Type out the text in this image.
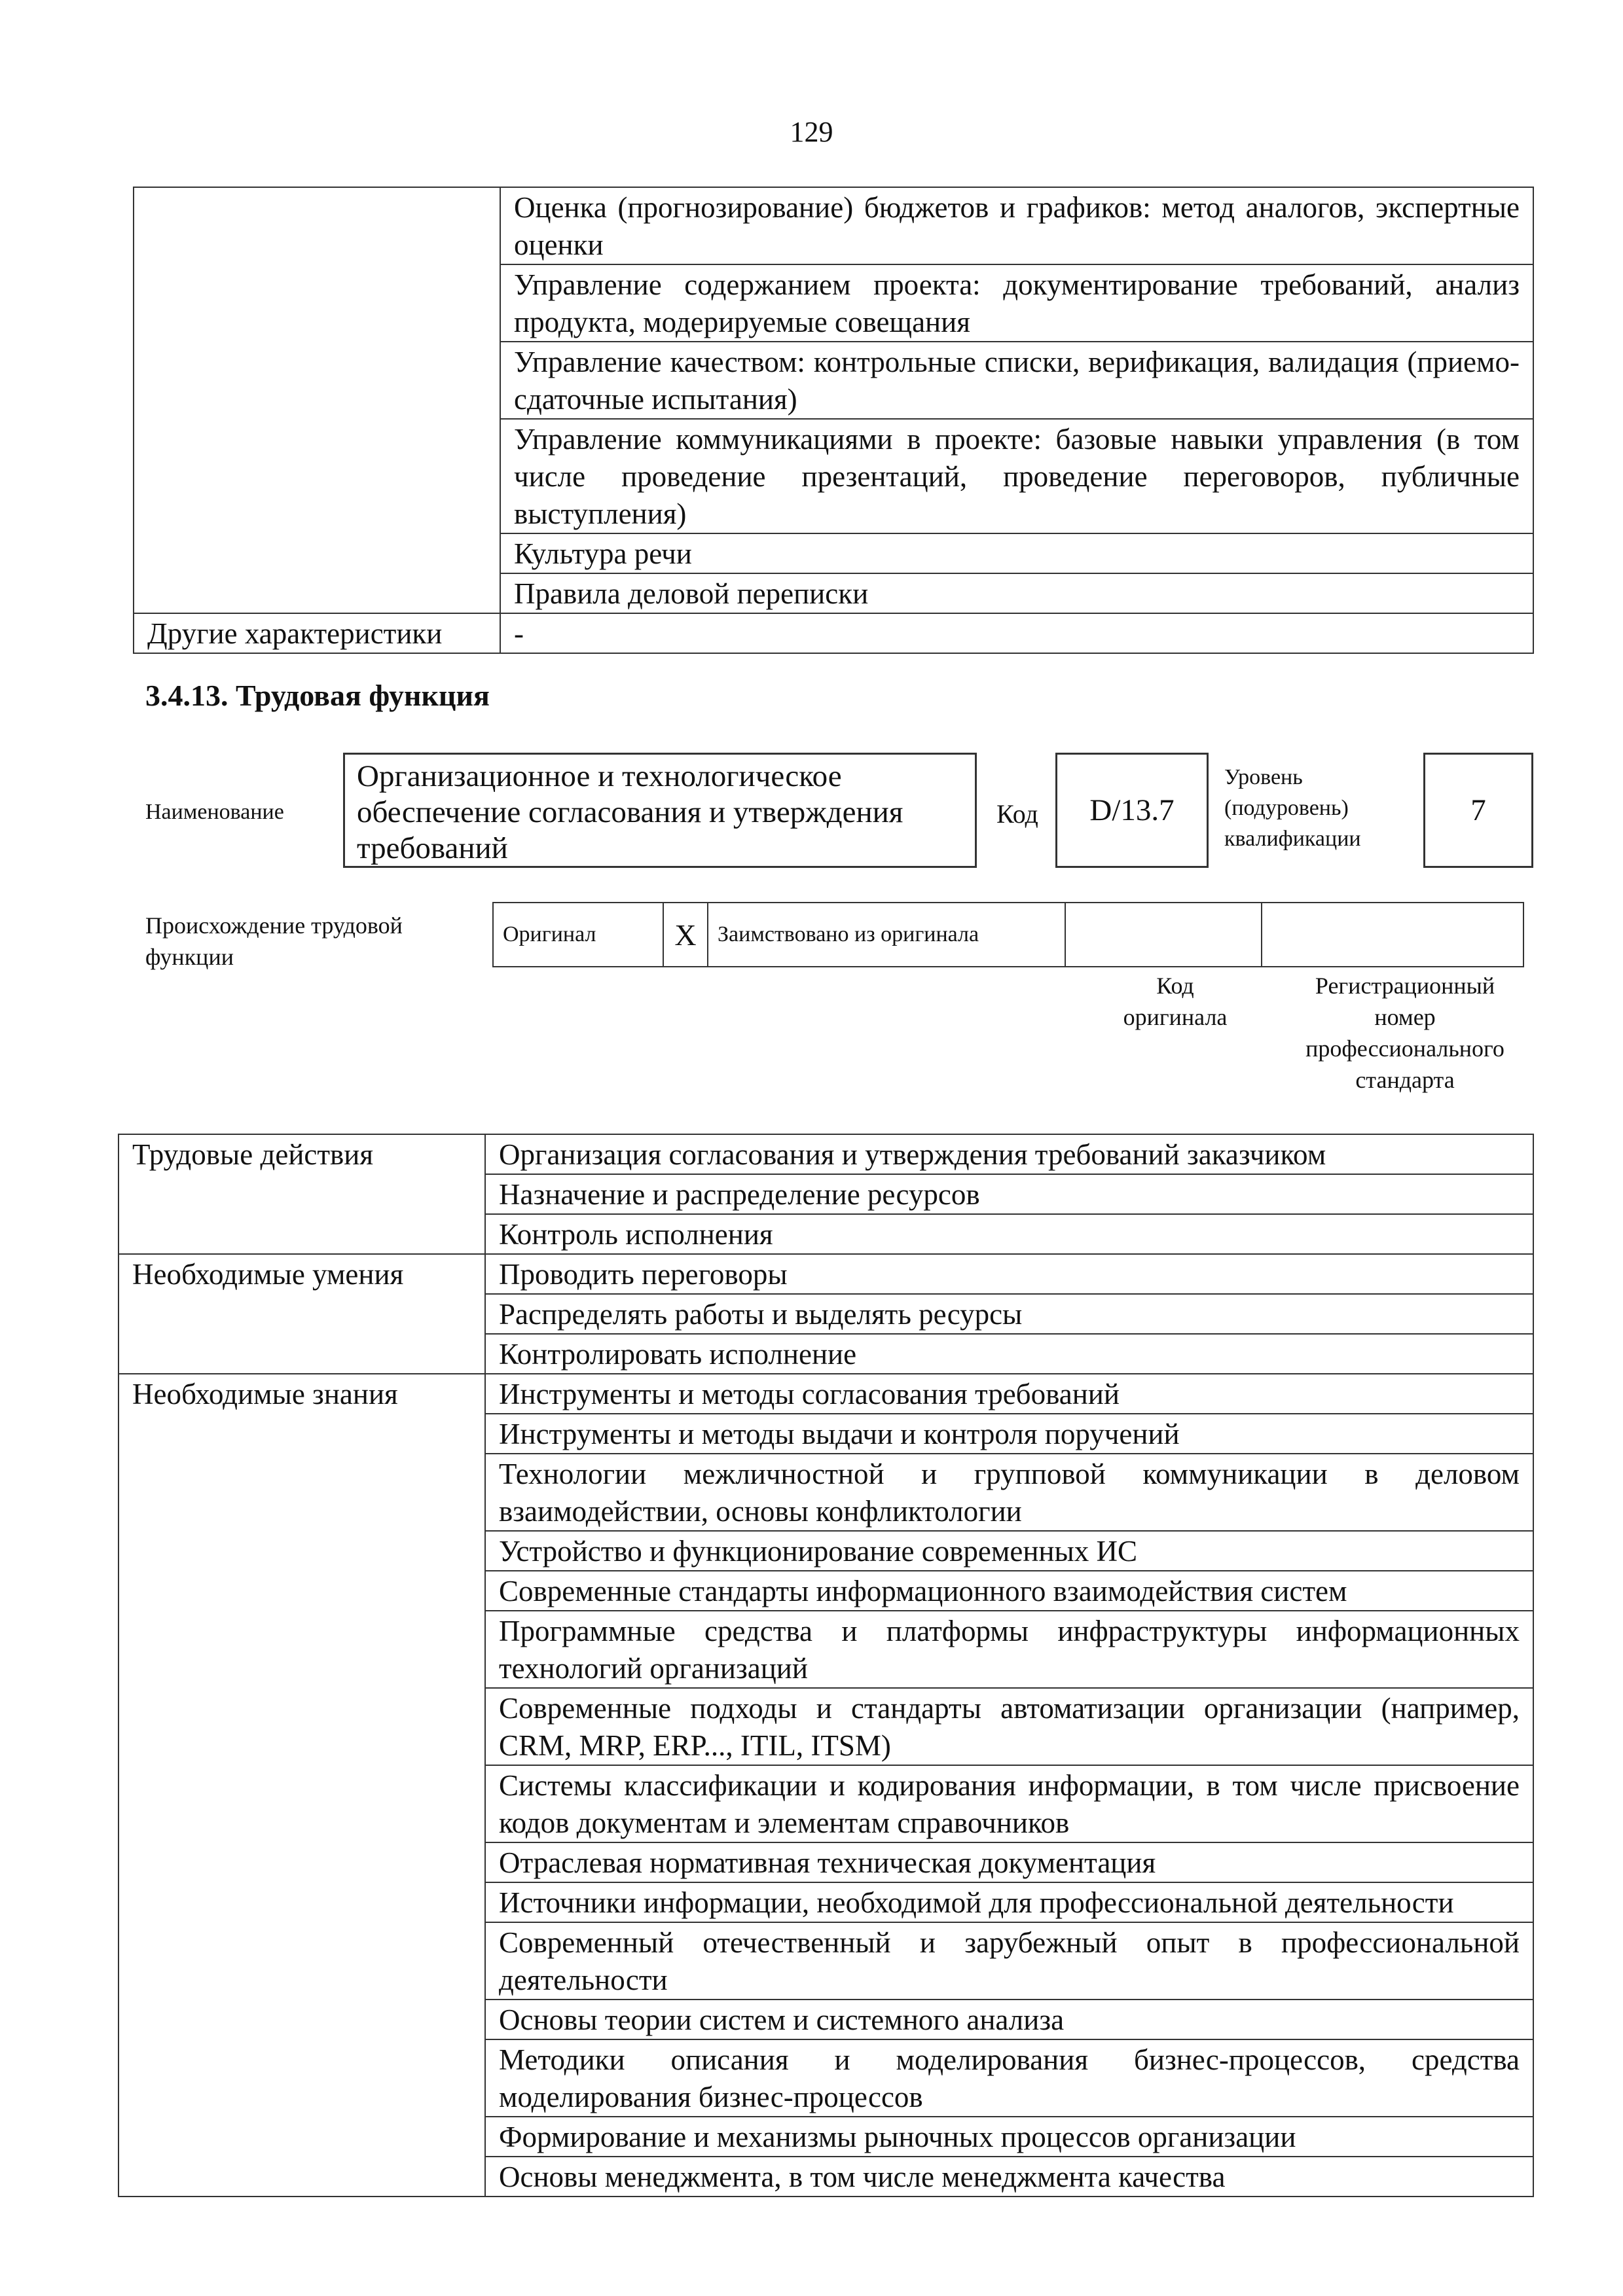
129
	Оценка (прогнозирование) бюджетов и графиков: метод аналогов, экспертные оценки
	Управление содержанием проекта: документирование требований, анализ продукта, модерируемые совещания
	Управление качеством: контрольные списки, верификация, валидация (приемо-сдаточные испытания)
	Управление коммуникациями в проекте: базовые навыки управления (в том числе проведение презентаций, проведение переговоров, публичные выступления)
	Культура речи
	Правила деловой переписки
Другие характеристики	-
3.4.13. Трудовая функция
Наименование
Организационное и технологическое обеспечение согласования и утверждения требований
Код	D/13.7
Уровень
(подуровень)
квалификации
7
Происхождение трудовой
функции
Оригинал	X	Заимствовано из оригинала		
Код
оригинала
Регистрационный
номер
профессионального
стандарта
Трудовые действия	Организация согласования и утверждения требований заказчиком
	Назначение и распределение ресурсов
	Контроль исполнения
Необходимые умения	Проводить переговоры
	Распределять работы и выделять ресурсы
	Контролировать исполнение
Необходимые знания	Инструменты и методы согласования требований
	Инструменты и методы выдачи и контроля поручений
	Технологии межличностной и групповой коммуникации в деловом взаимодействии, основы конфликтологии
	Устройство и функционирование современных ИС
	Современные стандарты информационного взаимодействия систем
	Программные средства и платформы инфраструктуры информационных технологий организаций
	Современные подходы и стандарты автоматизации организации (например, CRM, MRP, ERP..., ITIL, ITSM)
	Системы классификации и кодирования информации, в том числе присвоение кодов документам и элементам справочников
	Отраслевая нормативная техническая документация
	Источники информации, необходимой для профессиональной деятельности
	Современный отечественный и зарубежный опыт в профессиональной деятельности
	Основы теории систем и системного анализа
	Методики описания и моделирования бизнес-процессов, средства моделирования бизнес-процессов
	Формирование и механизмы рыночных процессов организации
	Основы менеджмента, в том числе менеджмента качества
